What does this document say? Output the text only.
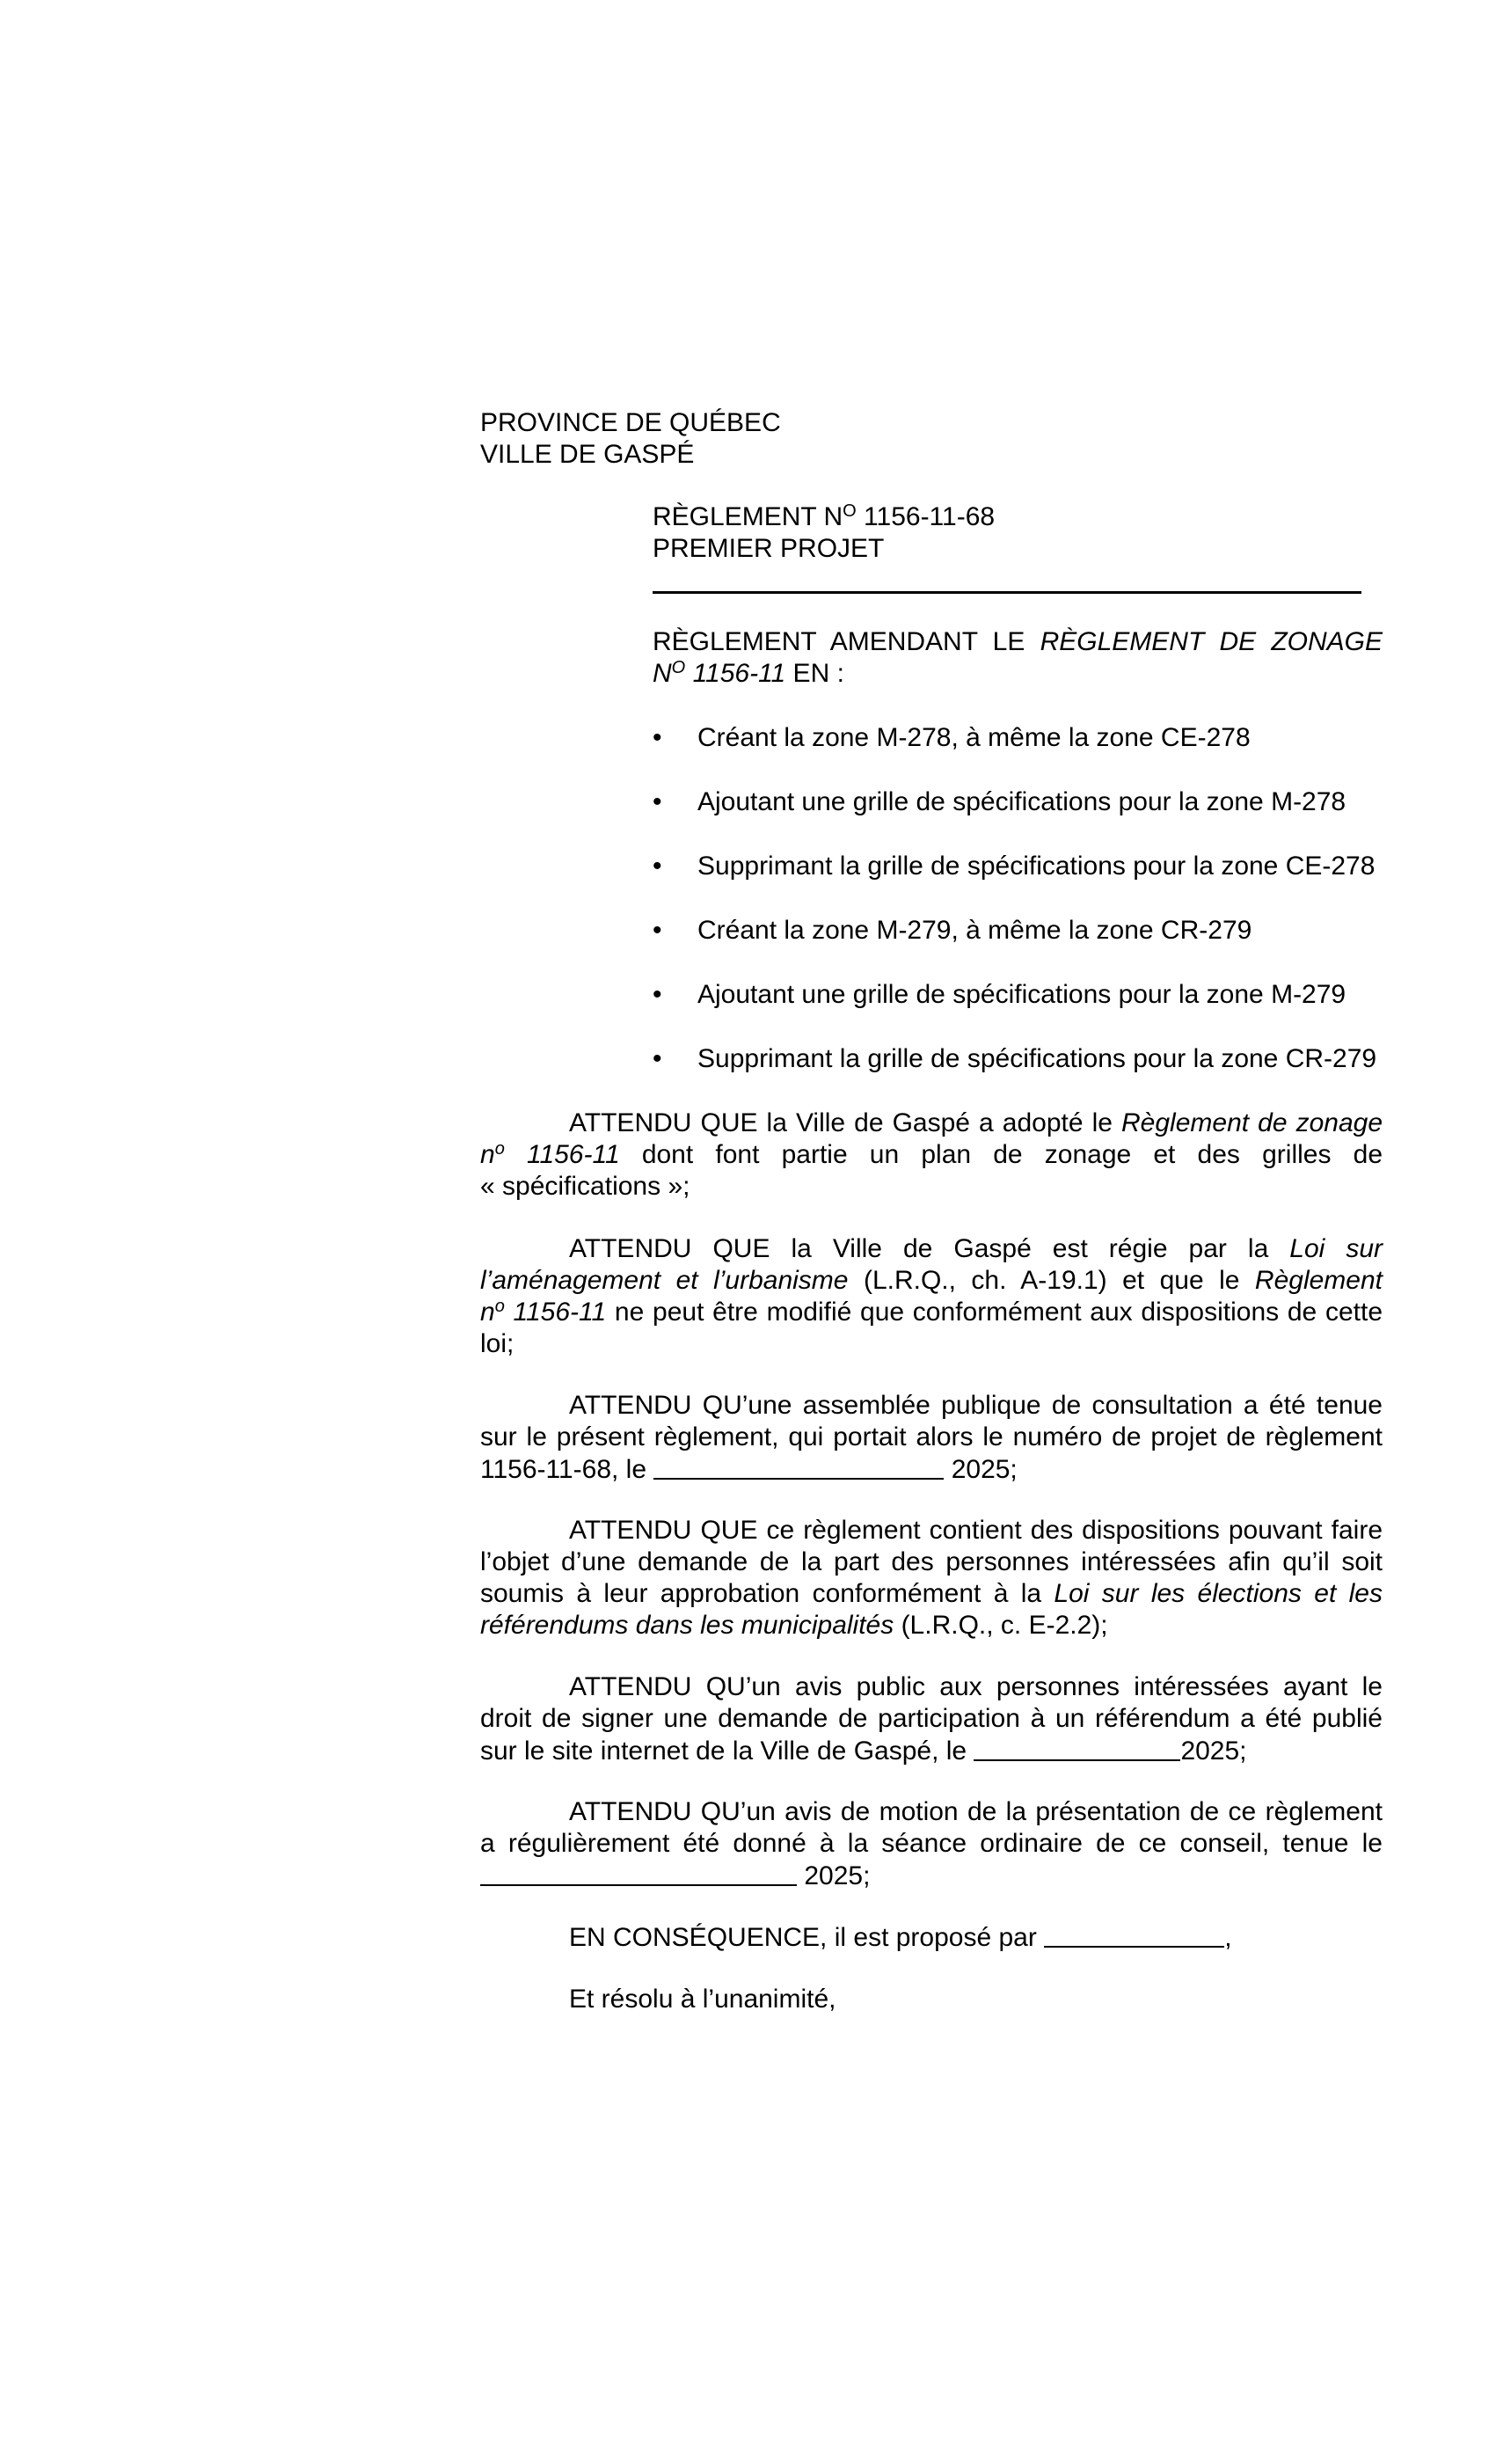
PROVINCE DE QUÉBEC
VILLE DE GASPÉ
RÈGLEMENT $N^O$ 1156-11-68
PREMIER PROJET
RÈGLEMENT AMENDANT LE RÈGLEMENT DE ZONAGE
$N^O$ 1156-11 EN :
• Créant la zone M-278, à même la zone CE-278
• Ajoutant une grille de spécifications pour la zone M-278
• Supprimant la grille de spécifications pour la zone CE-278
• Créant la zone M-279, à même la zone CR-279
• Ajoutant une grille de spécifications pour la zone M-279
• Supprimant la grille de spécifications pour la zone CR-279
ATTENDU QUE la Ville de Gaspé a adopté le Règlement de zonage
$n^o$ 1156-11 dont font partie un plan de zonage et des grilles de
« spécifications »;
ATTENDU QUE la Ville de Gaspé est régie par la Loi sur
l’aménagement et l’urbanisme (L.R.Q., ch. A-19.1) et que le Règlement
$n^o$ 1156-11 ne peut être modifié que conformément aux dispositions de cette
loi;
ATTENDU QU’une assemblée publique de consultation a été tenue
sur le présent règlement, qui portait alors le numéro de projet de règlement
1156-11-68, le	2025;
ATTENDU QUE ce règlement contient des dispositions pouvant faire
l’objet d’une demande de la part des personnes intéressées afin qu’il soit
soumis à leur approbation conformément à la Loi sur les élections et les
référendums dans les municipalités (L.R.Q., c. E-2.2);
ATTENDU QU’un avis public aux personnes intéressées ayant le
droit de signer une demande de participation à un référendum a été publié
sur le site internet de la Ville de Gaspé, le	2025;
ATTENDU QU’un avis de motion de la présentation de ce règlement
a régulièrement été donné à la séance ordinaire de ce conseil, tenue le
2025;
EN CONSÉQUENCE, il est proposé par	,
Et résolu à l’unanimité,
